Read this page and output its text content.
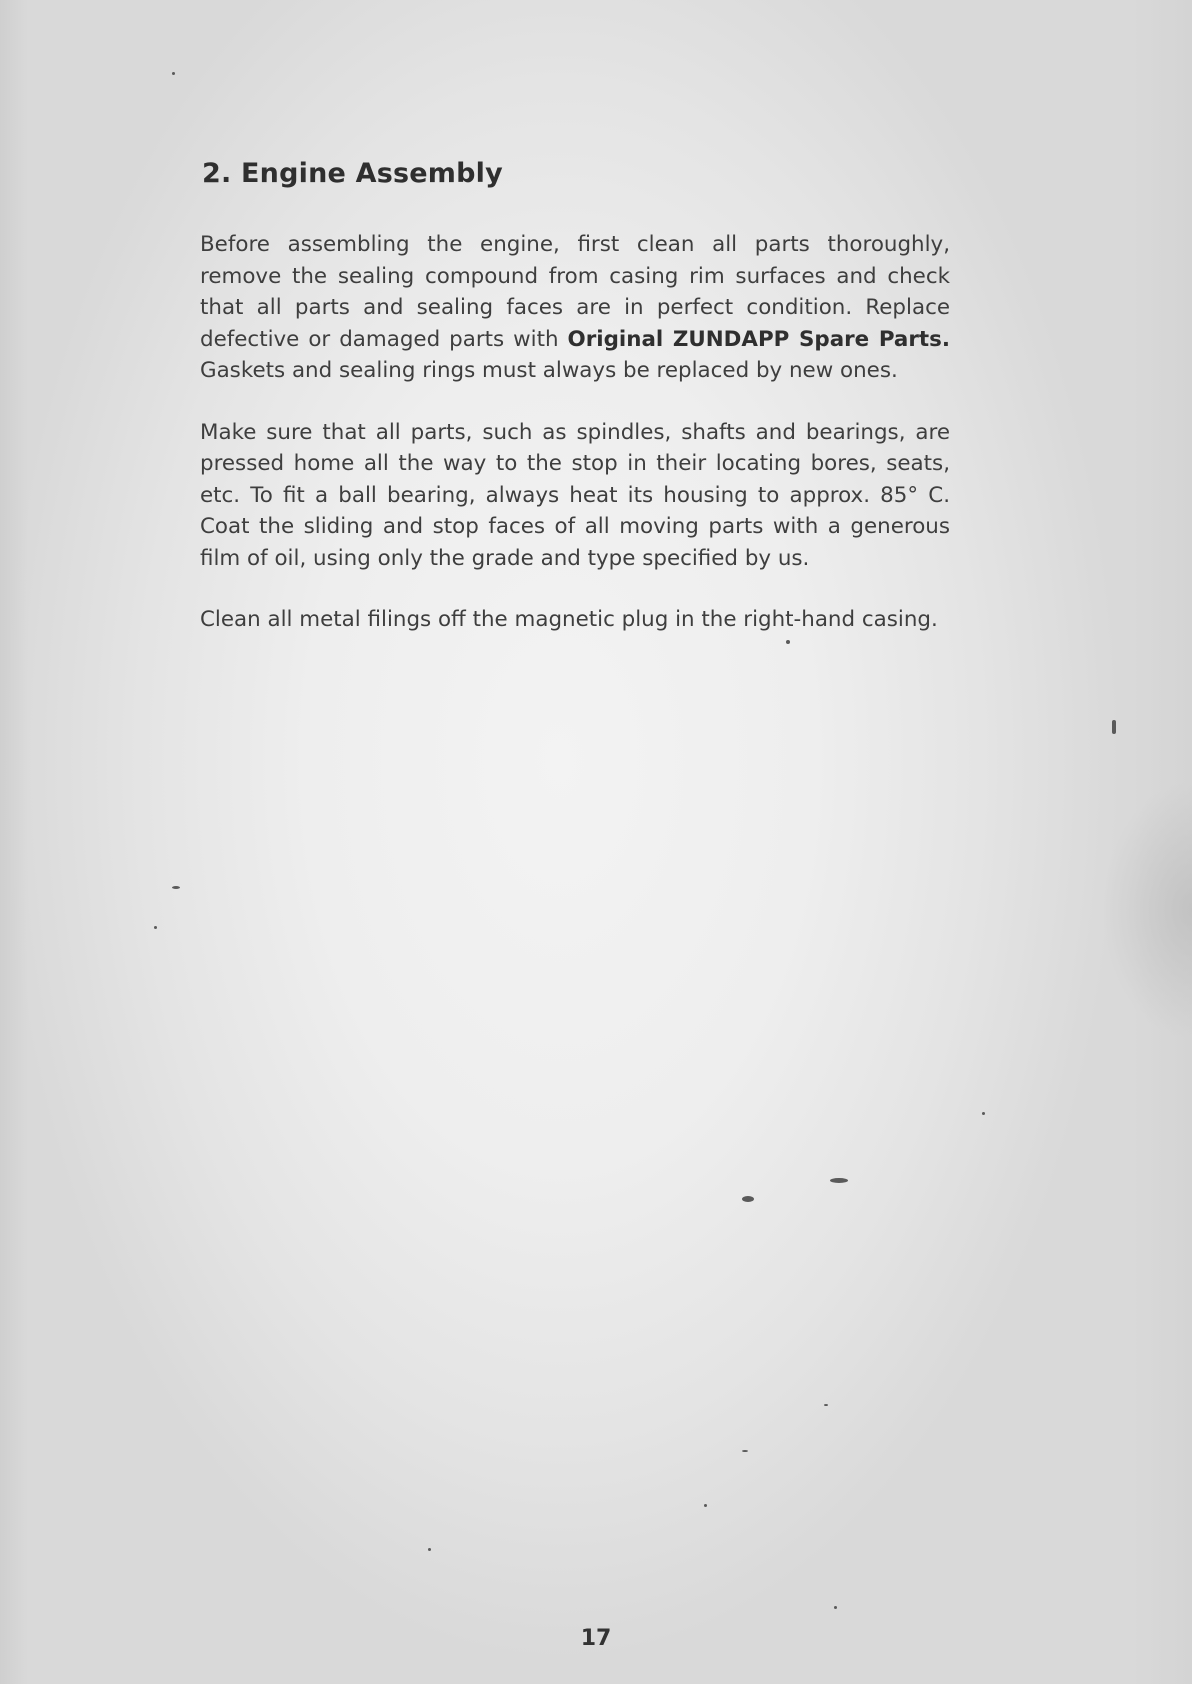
2. Engine Assembly

Before assembling the engine, first clean all parts thoroughly, remove the sealing compound from casing rim surfaces and check that all parts and sealing faces are in perfect condition. Replace defective or damaged parts with Original ZUNDAPP Spare Parts. Gaskets and sealing rings must always be replaced by new ones.

Make sure that all parts, such as spindles, shafts and bearings, are pressed home all the way to the stop in their locating bores, seats, etc. To fit a ball bearing, always heat its housing to approx. 85° C. Coat the sliding and stop faces of all moving parts with a generous film of oil, using only the grade and type specified by us.

Clean all metal filings off the magnetic plug in the right-hand casing.

17
